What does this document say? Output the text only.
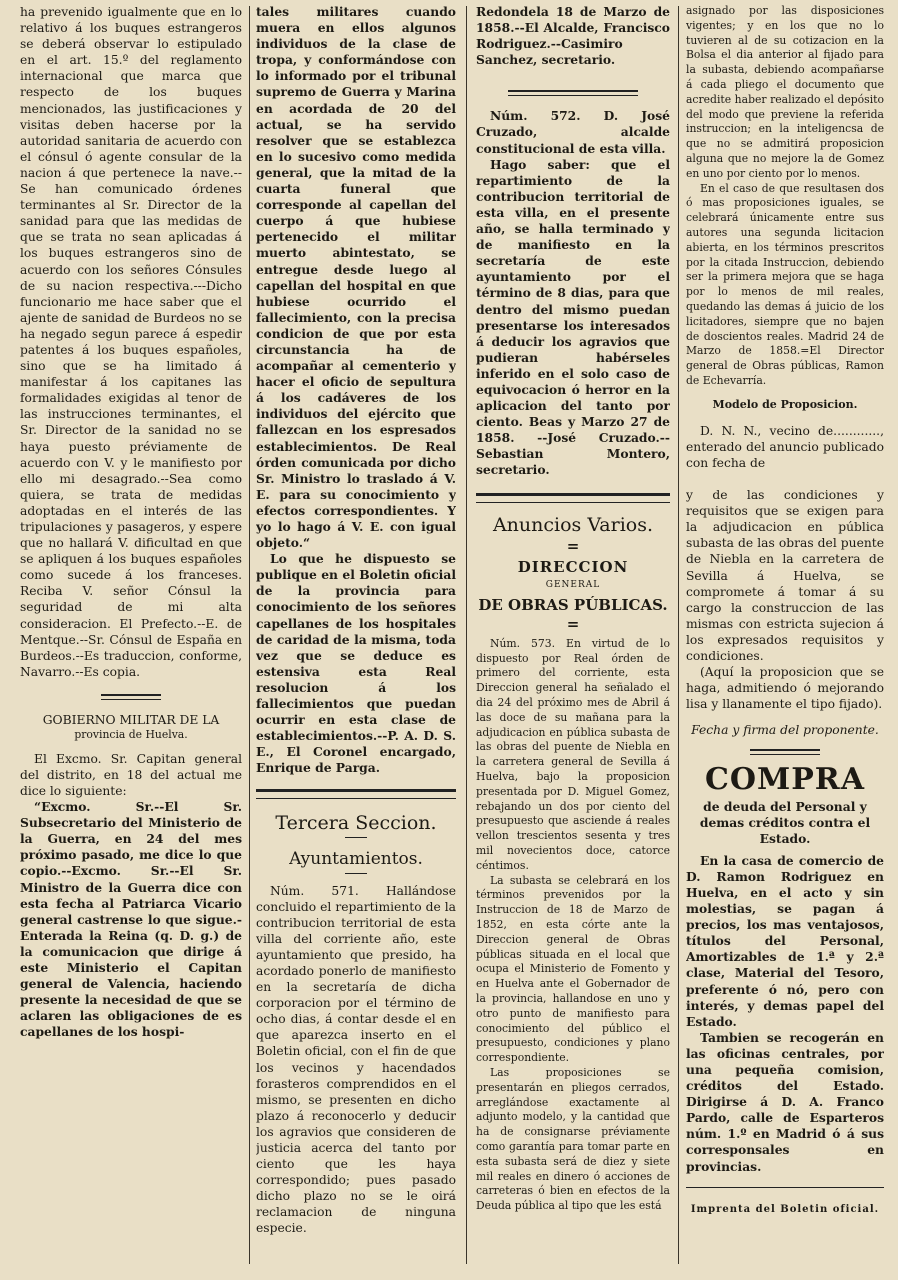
ha prevenido igualmente que en lo relativo á los buques estrangeros se deberá observar lo estipulado en el art. 15.º del reglamento internacional que marca que respecto de los buques mencionados, las justificaciones y visitas deben hacerse por la autoridad sanitaria de acuerdo con el cónsul ó agente consular de la nacion á que pertenece la nave.--Se han comunicado órdenes terminantes al Sr. Director de la sanidad para que las medidas de que se trata no sean aplicadas á los buques estrangeros sino de acuerdo con los señores Cónsules de su nacion respectiva.---Dicho funcionario me hace saber que el ajente de sanidad de Burdeos no se ha negado segun parece á espedir patentes á los buques españoles, sino que se ha limitado á manifestar á los capitanes las formalidades exigidas al tenor de las instrucciones terminantes, el Sr. Director de la sanidad no se haya puesto préviamente de acuerdo con V. y le manifiesto por ello mi desagrado.--Sea como quiera, se trata de medidas adoptadas en el interés de las tripulaciones y pasageros, y espere que no hallará V. dificultad en que se apliquen á los buques españoles como sucede á los franceses. Reciba V. señor Cónsul la seguridad de mi alta consideracion. El Prefecto.--E. de Mentque.--Sr. Cónsul de España en Burdeos.--Es traduccion, conforme, Navarro.--Es copia.

GOBIERNO MILITAR DE LA

provincia de Huelva.

El Excmo. Sr. Capitan general del distrito, en 18 del actual me dice lo siguiente:

“Excmo. Sr.--El Sr. Subsecretario del Ministerio de la Guerra, en 24 del mes próximo pasado, me dice lo que copio.--Excmo. Sr.--El Sr. Ministro de la Guerra dice con esta fecha al Patriarca Vicario general castrense lo que sigue.-Enterada la Reina (q. D. g.) de la comunicacion que dirige á este Ministerio el Capitan general de Valencia, haciendo presente la necesidad de que se aclaren las obligaciones de es capellanes de los hospi-

tales militares cuando muera en ellos algunos individuos de la clase de tropa, y conformándose con lo informado por el tribunal supremo de Guerra y Marina en acordada de 20 del actual, se ha servido resolver que se establezca en lo sucesivo como medida general, que la mitad de la cuarta funeral que corresponde al capellan del cuerpo á que hubiese pertenecido el militar muerto abintestato, se entregue desde luego al capellan del hospital en que hubiese ocurrido el fallecimiento, con la precisa condicion de que por esta circunstancia ha de acompañar al cementerio y hacer el oficio de sepultura á los cadáveres de los individuos del ejército que fallezcan en los espresados establecimientos. De Real órden comunicada por dicho Sr. Ministro lo traslado á V. E. para su conocimiento y efectos correspondientes. Y yo lo hago á V. E. con igual objeto.“

Lo que he dispuesto se publique en el Boletin oficial de la provincia para conocimiento de los señores capellanes de los hospitales de caridad de la misma, toda vez que se deduce es estensiva esta Real resolucion á los fallecimientos que puedan ocurrir en esta clase de establecimientos.--P. A. D. S. E., El Coronel encargado, Enrique de Parga.

Tercera Seccion.
Ayuntamientos.

Núm. 571. Hallándose concluido el repartimiento de la contribucion territorial de esta villa del corriente año, este ayuntamiento que presido, ha acordado ponerlo de manifiesto en la secretaría de dicha corporacion por el término de ocho dias, á contar desde el en que aparezca inserto en el Boletin oficial, con el fin de que los vecinos y hacendados forasteros comprendidos en el mismo, se presenten en dicho plazo á reconocerlo y deducir los agravios que consideren de justicia acerca del tanto por ciento que les haya correspondido; pues pasado dicho plazo no se le oirá reclamacion de ninguna especie.

Redondela 18 de Marzo de 1858.--El Alcalde, Francisco Rodriguez.--Casimiro Sanchez, secretario.

Núm. 572. D. José Cruzado, alcalde constitucional de esta villa.

Hago saber: que el repartimiento de la contribucion territorial de esta villa, en el presente año, se halla terminado y de manifiesto en la secretaría de este ayuntamiento por el término de 8 dias, para que dentro del mismo puedan presentarse los interesados á deducir los agravios que pudieran habérseles inferido en el solo caso de equivocacion ó herror en la aplicacion del tanto por ciento. Beas y Marzo 27 de 1858. --José Cruzado.--Sebastian Montero, secretario.

Anuncios Varios.
=
DIRECCION
GENERAL
DE OBRAS PÚBLICAS.
=

Núm. 573. En virtud de lo dispuesto por Real órden de primero del corriente, esta Direccion general ha señalado el dia 24 del próximo mes de Abril á las doce de su mañana para la adjudicacion en pública subasta de las obras del puente de Niebla en la carretera general de Sevilla á Huelva, bajo la proposicion presentada por D. Miguel Gomez, rebajando un dos por ciento del presupuesto que asciende á reales vellon trescientos sesenta y tres mil novecientos doce, catorce céntimos.

La subasta se celebrará en los términos prevenidos por la Instruccion de 18 de Marzo de 1852, en esta córte ante la Direccion general de Obras públicas situada en el local que ocupa el Ministerio de Fomento y en Huelva ante el Gobernador de la provincia, hallandose en uno y otro punto de manifiesto para conocimiento del público el presupuesto, condiciones y plano correspondiente.

Las proposiciones se presentarán en pliegos cerrados, arreglándose exactamente al adjunto modelo, y la cantidad que ha de consignarse préviamente como garantía para tomar parte en esta subasta será de diez y siete mil reales en dinero ó acciones de carreteras ó bien en efectos de la Deuda pública al tipo que les está

asignado por las disposiciones vigentes; y en los que no lo tuvieren al de su cotizacion en la Bolsa el dia anterior al fijado para la subasta, debiendo acompañarse á cada pliego el documento que acredite haber realizado el depósito del modo que previene la referida instruccion; en la inteligencsa de que no se admitirá proposicion alguna que no mejore la de Gomez en uno por ciento por lo menos.

En el caso de que resultasen dos ó mas proposiciones iguales, se celebrará únicamente entre sus autores una segunda licitacion abierta, en los términos prescritos por la citada Instruccion, debiendo ser la primera mejora que se haga por lo menos de mil reales, quedando las demas á juicio de los licitadores, siempre que no bajen de doscientos reales. Madrid 24 de Marzo de 1858.=El Director general de Obras públicas, Ramon de Echevarría.

Modelo de Proposicion.

D. N. N., vecino de............, enterado del anuncio publicado con fecha de

y de las condiciones y requisitos que se exigen para la adjudicacion en pública subasta de las obras del puente de Niebla en la carretera de Sevilla á Huelva, se compromete á tomar á su cargo la construccion de las mismas con estricta sujecion á los expresados requisitos y condiciones.

(Aquí la proposicion que se haga, admitiendo ó mejorando lisa y llanamente el tipo fijado).

Fecha y firma del proponente.
COMPRA

de deuda del Personal y demas créditos contra el Estado.

En la casa de comercio de D. Ramon Rodriguez en Huelva, en el acto y sin molestias, se pagan á precios, los mas ventajosos, títulos del Personal, Amortizables de 1.ª y 2.ª clase, Material del Tesoro, preferente ó nó, pero con interés, y demas papel del Estado.

Tambien se recogerán en las oficinas centrales, por una pequeña comision, créditos del Estado. Dirigirse á D. A. Franco Pardo, calle de Esparteros núm. 1.º en Madrid ó á sus corresponsales en provincias.

Imprenta del Boletin oficial.
